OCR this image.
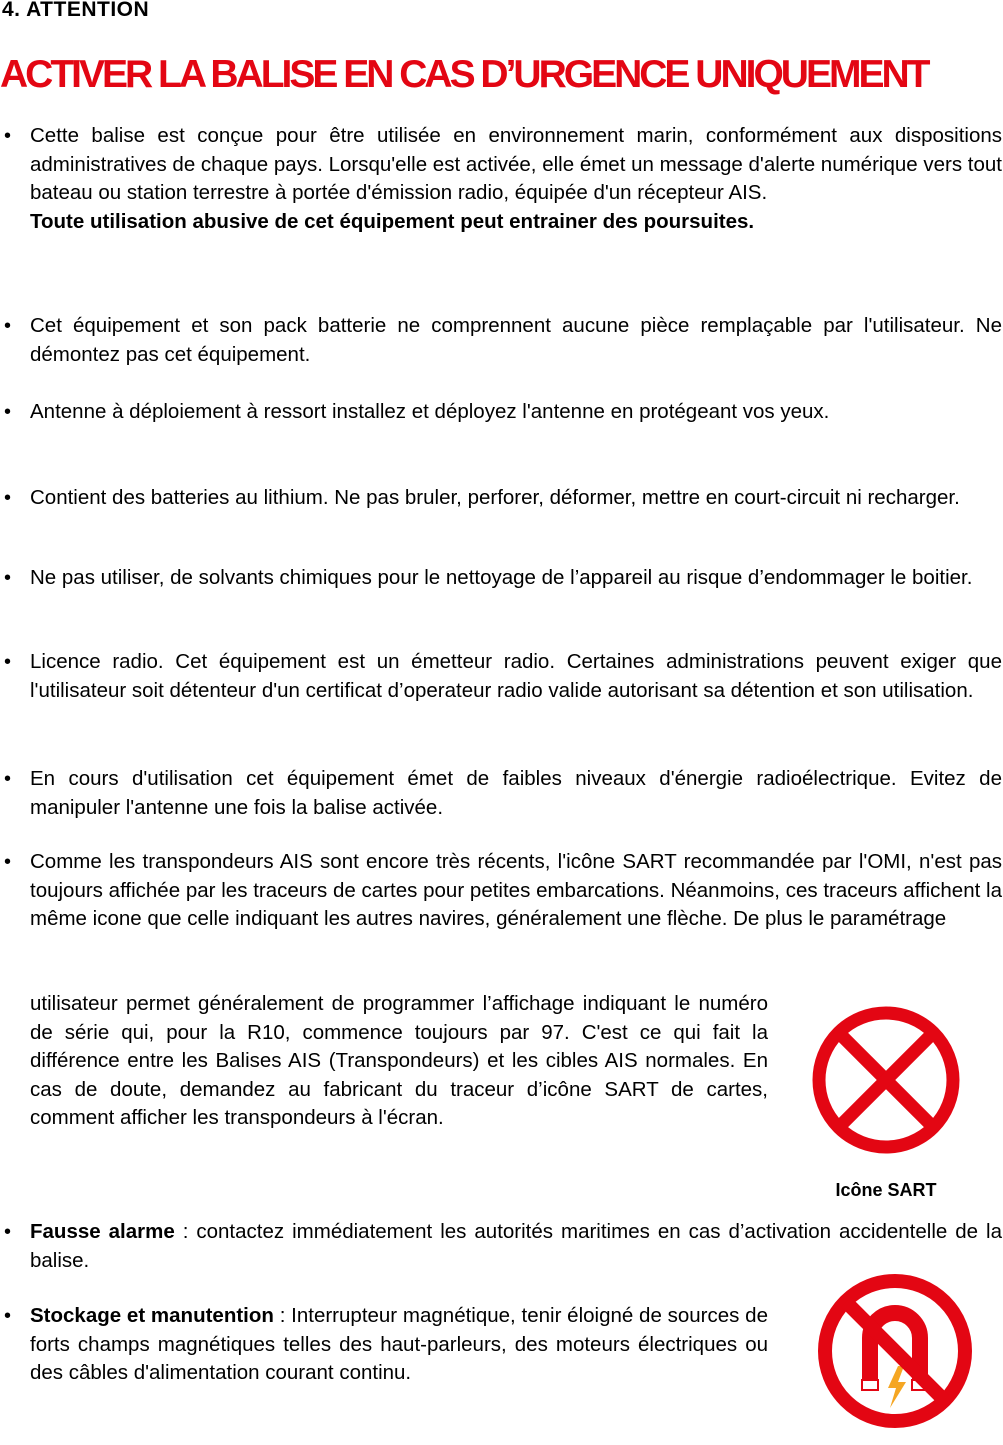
4. ATTENTION
ACTIVER LA BALISE EN CAS D’URGENCE UNIQUEMENT
• Cette balise est conçue pour être utilisée en environnement marin, conformément aux dispositions administratives de chaque pays. Lorsqu'elle est activée, elle émet un message d'alerte numérique vers tout bateau ou station terrestre à portée d'émission radio, équipée d'un récepteur AIS.
Toute utilisation abusive de cet équipement peut entrainer des poursuites.
• Cet équipement et son pack batterie ne comprennent aucune pièce remplaçable par l'utilisateur. Ne démontez pas cet équipement.
• Antenne à déploiement à ressort installez et déployez l'antenne en protégeant vos yeux.
• Contient des batteries au lithium. Ne pas bruler, perforer, déformer, mettre en court-circuit ni recharger.
• Ne pas utiliser, de solvants chimiques pour le nettoyage de l’appareil au risque d’endommager le boitier.
• Licence radio. Cet équipement est un émetteur radio. Certaines administrations peuvent exiger que l'utilisateur soit détenteur d'un certificat d’operateur radio valide autorisant sa détention et son utilisation.
• En cours d'utilisation cet équipement émet de faibles niveaux d'énergie radioélectrique. Evitez de manipuler l'antenne une fois la balise activée.
• Comme les transpondeurs AIS sont encore très récents, l'icône SART recommandée par l'OMI, n'est pas toujours affichée par les traceurs de cartes pour petites embarcations. Néanmoins, ces traceurs affichent la même icone que celle indiquant les autres navires, généralement une flèche. De plus le paramétrage
utilisateur permet généralement de programmer l’affichage indiquant le numéro de série qui, pour la R10, commence toujours par 97. C'est ce qui fait la différence entre les Balises AIS (Transpondeurs) et les cibles AIS normales. En cas de doute, demandez au fabricant du traceur d’icône SART de cartes, comment afficher les transpondeurs à l'écran.
Icône SART
• Fausse alarme : contactez immédiatement les autorités maritimes en cas d’activation accidentelle de la balise.
• Stockage et manutention : Interrupteur magnétique, tenir éloigné de sources de forts champs magnétiques telles des haut-parleurs, des moteurs électriques ou des câbles d'alimentation courant continu.
